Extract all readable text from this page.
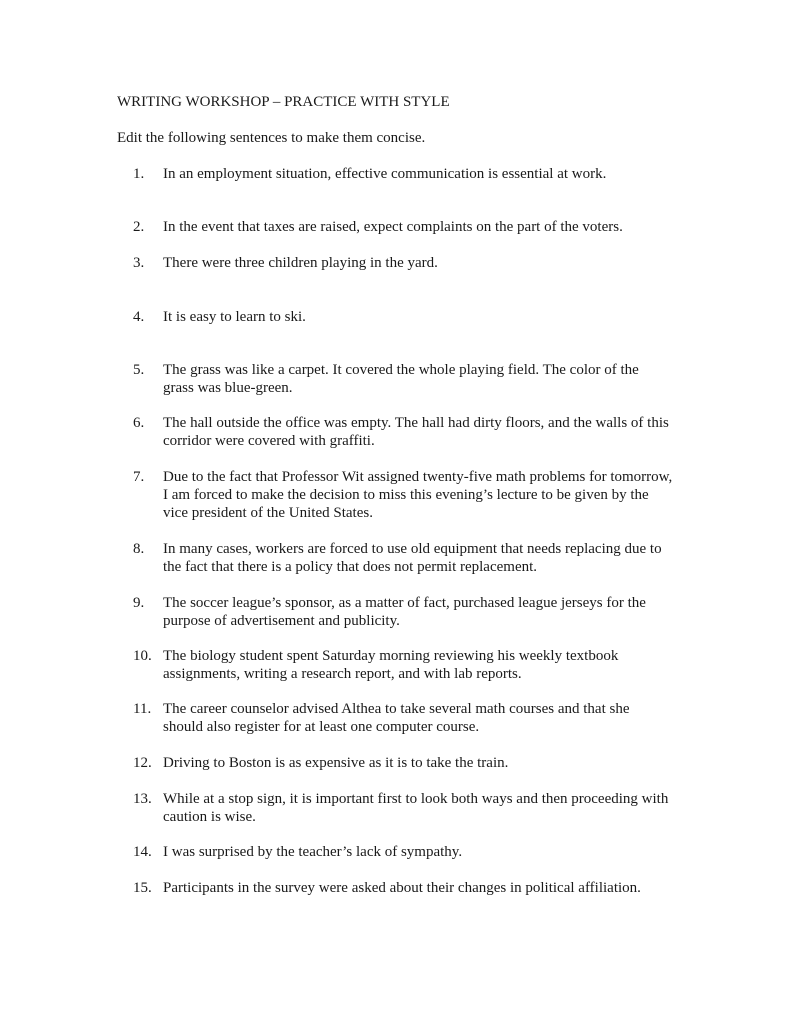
WRITING WORKSHOP – PRACTICE WITH STYLE
Edit the following sentences to make them concise.
1.	In an employment situation, effective communication is essential at work.
2.	In the event that taxes are raised, expect complaints on the part of the voters.
3.	There were three children playing in the yard.
4.	It is easy to learn to ski.
5.	The grass was like a carpet. It covered the whole playing field. The color of the grass was blue-green.
6.	The hall outside the office was empty. The hall had dirty floors, and the walls of this corridor were covered with graffiti.
7.	Due to the fact that Professor Wit assigned twenty-five math problems for tomorrow, I am forced to make the decision to miss this evening’s lecture to be given by the vice president of the United States.
8.	In many cases, workers are forced to use old equipment that needs replacing due to the fact that there is a policy that does not permit replacement.
9.	The soccer league’s sponsor, as a matter of fact, purchased league jerseys for the purpose of advertisement and publicity.
10. The biology student spent Saturday morning reviewing his weekly textbook assignments, writing a research report, and with lab reports.
11. The career counselor advised Althea to take several math courses and that she should also register for at least one computer course.
12. Driving to Boston is as expensive as it is to take the train.
13. While at a stop sign, it is important first to look both ways and then proceeding with caution is wise.
14. I was surprised by the teacher’s lack of sympathy.
15. Participants in the survey were asked about their changes in political affiliation.
